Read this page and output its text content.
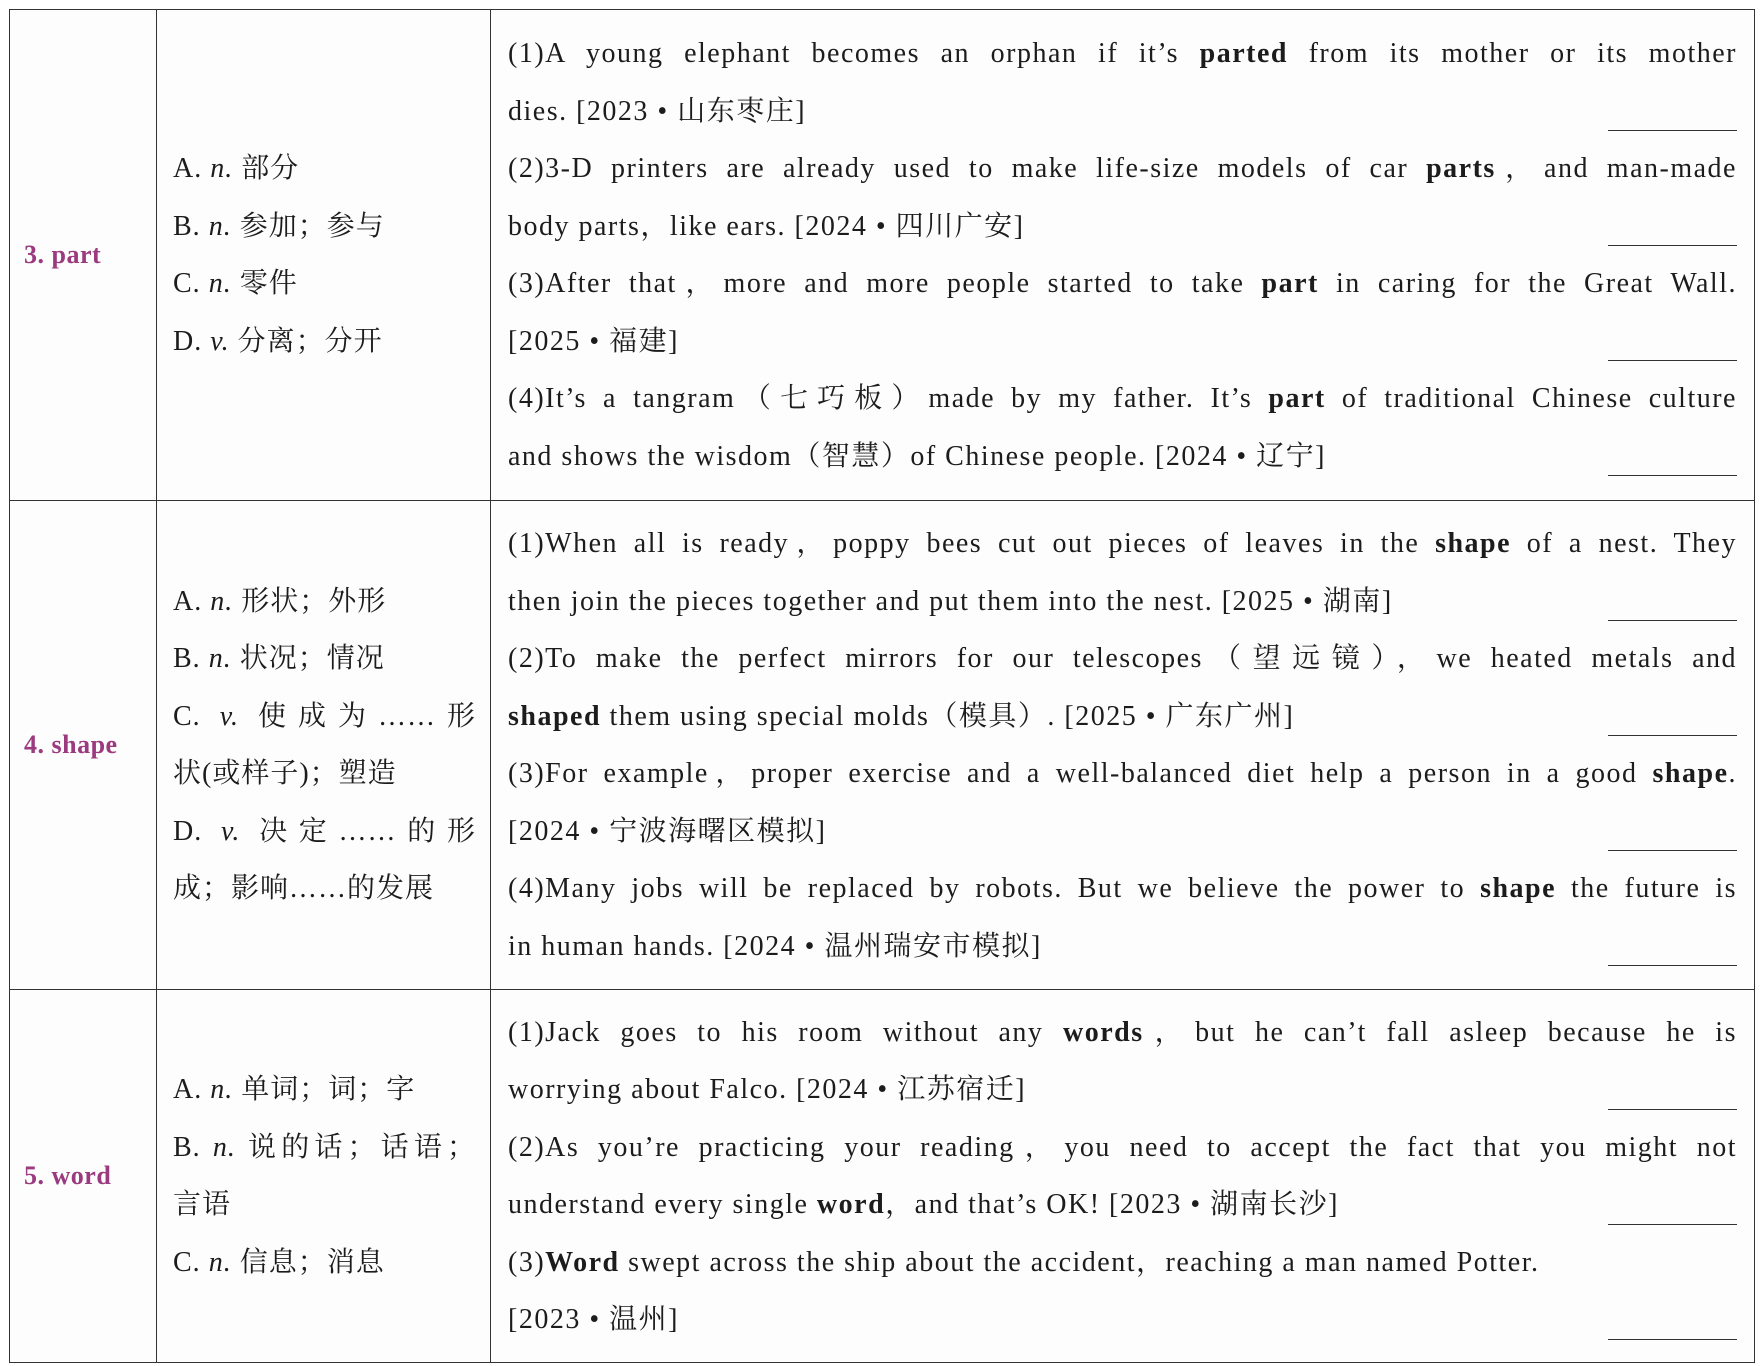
3. part
A. n. 部分
B. n. 参加；参与
C. n. 零件
D. v. 分离；分开
(1)A young elephant becomes an orphan if it’s parted from its mother or its mother
dies. [2023 • 山东枣庄]
(2)3-D printers are already used to make life-size models of car parts，and man-made
body parts，like ears. [2024 • 四川广安]
(3)After that，more and more people started to take part in caring for the Great Wall.
[2025 • 福建]
(4)It’s a tangram（七巧板）made by my father. It’s part of traditional Chinese culture
and shows the wisdom（智慧）of Chinese people. [2024 • 辽宁]
4. shape
A. n. 形状；外形
B. n. 状况；情况
C. v. 使成为……形
状(或样子)；塑造
D. v. 决定……的形
成；影响……的发展
(1)When all is ready，poppy bees cut out pieces of leaves in the shape of a nest. They
then join the pieces together and put them into the nest. [2025 • 湖南]
(2)To make the perfect mirrors for our telescopes（望远镜），we heated metals and
shaped them using special molds（模具）. [2025 • 广东广州]
(3)For example，proper exercise and a well-balanced diet help a person in a good shape.
[2024 • 宁波海曙区模拟]
(4)Many jobs will be replaced by robots. But we believe the power to shape the future is
in human hands. [2024 • 温州瑞安市模拟]
5. word
A. n. 单词；词；字
B. n. 说的话；话语；
言语
C. n. 信息；消息
(1)Jack goes to his room without any words，but he can’t fall asleep because he is
worrying about Falco. [2024 • 江苏宿迁]
(2)As you’re practicing your reading，you need to accept the fact that you might not
understand every single word，and that’s OK! [2023 • 湖南长沙]
(3)Word swept across the ship about the accident，reaching a man named Potter.
[2023 • 温州]
